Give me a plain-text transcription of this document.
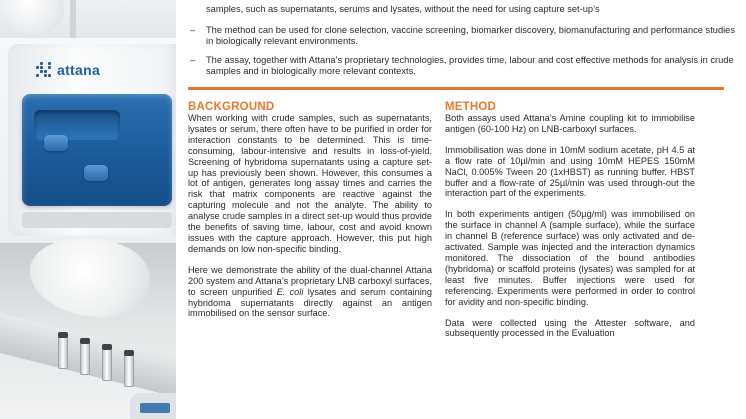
attana
samples, such as supernatants, serums and lysates, without the need for using capture set-up’s
– The method can be used for clone selection, vaccine screening, biomarker discovery, biomanufacturing and performance studies in biologically relevant environments.
– The assay, together with Attana’s proprietary technologies, provides time, labour and cost effective methods for analysis in crude samples and in biologically more relevant contexts.
BACKGROUND

When working with crude samples, such as supernatants, lysates or serum, there often have to be purified in order for interaction constants to be determined. This is time-consuming, labour-intensive and results in loss-of-yield. Screening of hybridoma supernatants using a capture set-up has previously been shown. However, this consumes a lot of antigen, generates long assay times and carries the risk that matrix components are reactive against the capturing molecule and not the analyte. The ability to analyse crude samples in a direct set-up would thus provide the benefits of saving time, labour, cost and avoid known issues with the capture approach. However, this put high demands on low non-specific binding.

Here we demonstrate the ability of the dual-channel Attana 200 system and Attana’s proprietary LNB carboxyl surfaces, to screen unpurified E. coli lysates and serum containing hybridoma supernatants directly against an antigen immobilised on the sensor surface.

METHOD

Both assays used Attana’s Amine coupling kit to immobilise antigen (60-100 Hz) on LNB-carboxyl surfaces.

Immobilisation was done in 10mM sodium acetate, pH 4.5 at a flow rate of 10µl/min and using 10mM HEPES 150mM NaCl, 0.005% Tween 20 (1xHBST) as running buffer. HBST buffer and a flow-rate of 25µl/min was used through-out the interaction part of the experiments.

In both experiments antigen (50µg/ml) was immobilised on the surface in channel A (sample surface), while the surface in channel B (reference surface) was only activated and de-activated. Sample was injected and the interaction dynamics monitored. The dissociation of the bound antibodies (hybridoma) or scaffold proteins (lysates) was sampled for at least five minutes. Buffer injections were used for referencing. Experiments were performed in order to control for avidity and non-specific binding.

Data were collected using the Attester software, and subsequently processed in the Evaluation
